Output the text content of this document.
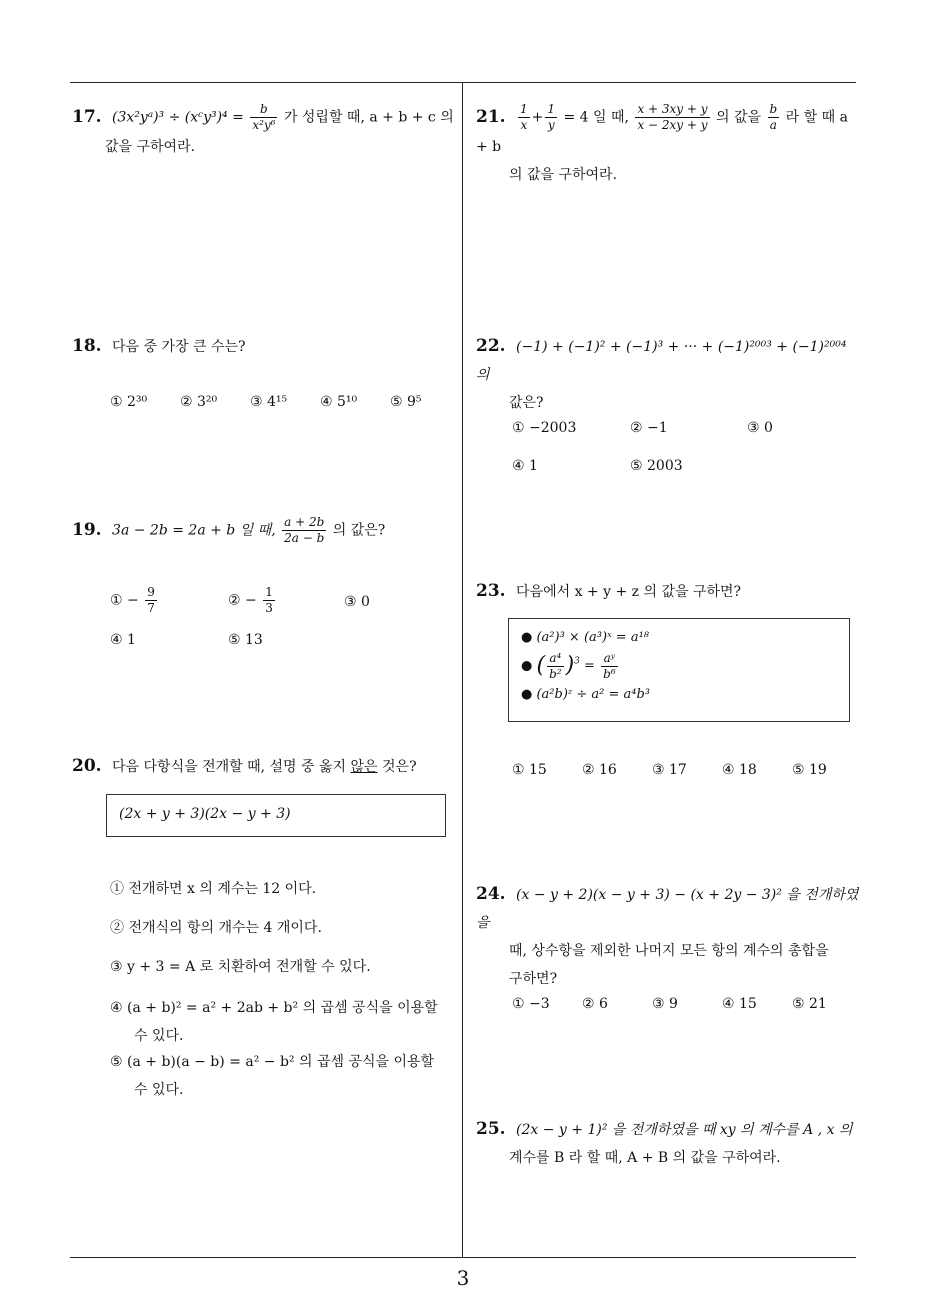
17. (3x²yᵃ)³ ÷ (xᶜy³)⁴ = $\frac{b}{\text{x²y⁶}}$ 가 성립할 때, a + b + c 의
값을 구하여라.
18. 다음 중 가장 큰 수는?
① 2³⁰ ② 3²⁰ ③ 4¹⁵ ④ 5¹⁰ ⑤ 9⁵
19. 3a − 2b = 2a + b 일 때, $\frac{a + 2b}{2a - b}$ 의 값은?
① − $\frac{9}{7}$	② − $\frac{1}{3}$	③ 0
④ 1	⑤ 13
20. 다음 다항식을 전개할 때, 설명 중 옳지 않은 것은?
(2x + y + 3)(2x − y + 3)
① 전개하면 x 의 계수는 12 이다.
② 전개식의 항의 개수는 4 개이다.
③ y + 3 = A 로 치환하여 전개할 수 있다.
④ (a + b)² = a² + 2ab + b² 의 곱셈 공식을 이용할
수 있다.
⑤ (a + b)(a − b) = a² − b² 의 곱셈 공식을 이용할
수 있다.
21. $\frac{1}{x} + \frac{1}{y} = 4$ 일 때, $\frac{x + 3xy + y}{x - 2xy + y}$ 의 값을 $\frac{b}{a}$ 라 할 때 a + b
의 값을 구하여라.
22. (−1) + (−1)² + (−1)³ + ··· + (−1)²⁰⁰³ + (−1)²⁰⁰⁴ 의
값은?
① −2003	② −1	③ 0
④ 1	⑤ 2003
23. 다음에서 x + y + z 의 값을 구하면?
● (a²)³ × (a³)ˣ = a¹⁸
● ( $\frac{\text{a⁴}}{\text{b²}} )^3 = \frac{\text{aʸ}}{\text{b⁶}}$
● (a²b)ᶻ ÷ a² = a⁴b³
① 15	② 16	③ 17	④ 18	⑤ 19
24. (x − y + 2)(x − y + 3) − (x + 2y − 3)² 을 전개하였을
때, 상수항을 제외한 나머지 모든 항의 계수의 총합을
구하면?
① −3 ② 6	③ 9	④ 15	⑤ 21
25. (2x − y + 1)² 을 전개하였을 때 xy 의 계수를 A , x 의
계수를 B 라 할 때, A + B 의 값을 구하여라.
3
